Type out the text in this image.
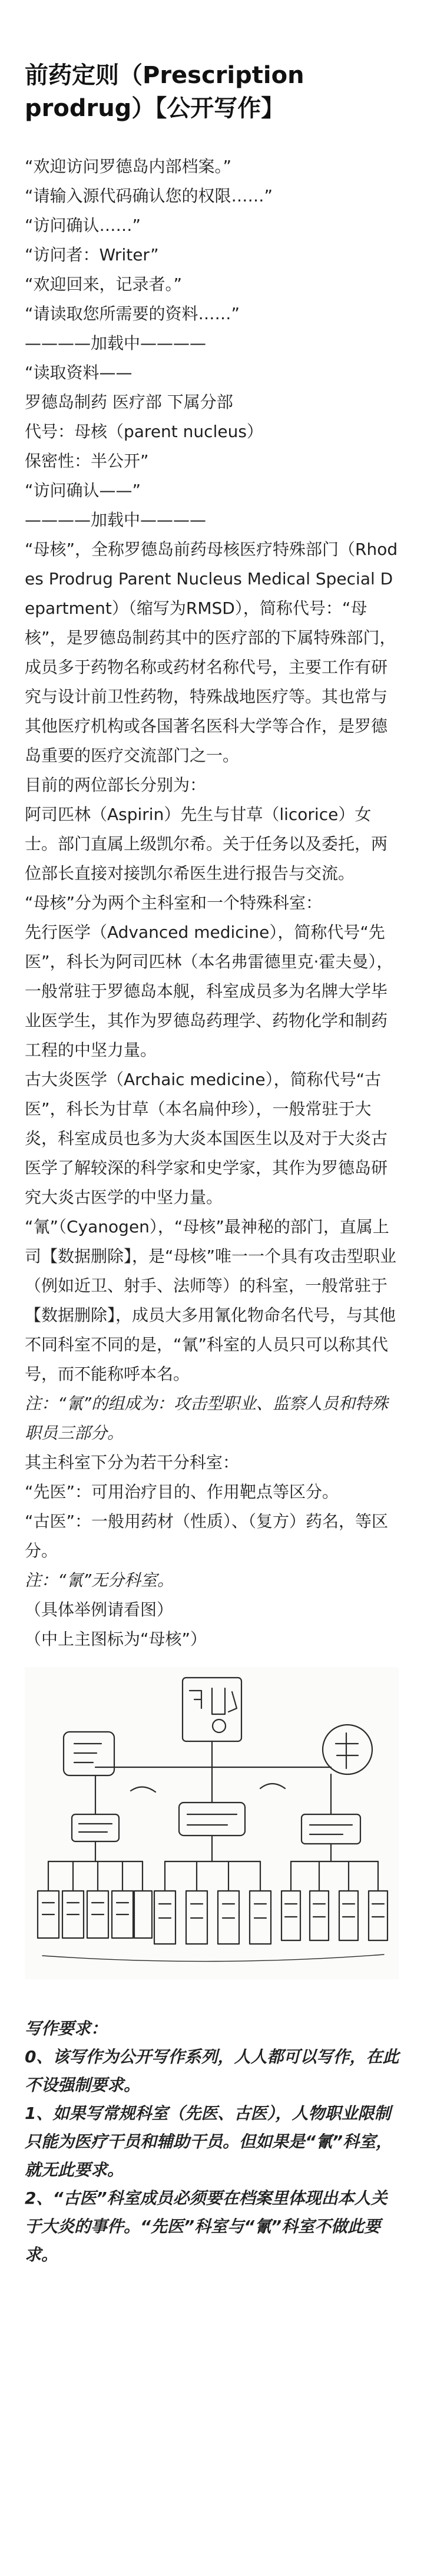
前药定则（Prescription prodrug）【公开写作】

“欢迎访问罗德岛内部档案。”

“请输入源代码确认您的权限……”

“访问确认……”

“访问者：Writer”

“欢迎回来，记录者。”

“请读取您所需要的资料……”

————加载中————

“读取资料——

罗德岛制药 医疗部 下属分部

代号：母核（parent nucleus）

保密性：半公开”

“访问确认——”

————加载中————

“母核”，全称罗德岛前药母核医疗特殊部门（Rhodes Prodrug Parent Nucleus Medical Special Department）（缩写为RMSD），简称代号：“母核”，是罗德岛制药其中的医疗部的下属特殊部门，成员多于药物名称或药材名称代号，主要工作有研究与设计前卫性药物，特殊战地医疗等。其也常与其他医疗机构或各国著名医科大学等合作，是罗德岛重要的医疗交流部门之一。

目前的两位部长分别为：

阿司匹林（Aspirin）先生与甘草（licorice）女士。部门直属上级凯尔希。关于任务以及委托，两位部长直接对接凯尔希医生进行报告与交流。

“母核”分为两个主科室和一个特殊科室：

先行医学（Advanced medicine），简称代号“先医”，科长为阿司匹林（本名弗雷德里克·霍夫曼），一般常驻于罗德岛本舰，科室成员多为名牌大学毕业医学生，其作为罗德岛药理学、药物化学和制药工程的中坚力量。

古大炎医学（Archaic medicine），简称代号“古医”，科长为甘草（本名扁仲珍），一般常驻于大炎，科室成员也多为大炎本国医生以及对于大炎古医学了解较深的科学家和史学家，其作为罗德岛研究大炎古医学的中坚力量。

“氰”（Cyanogen），“母核”最神秘的部门，直属上司【数据删除】，是“母核”唯一一个具有攻击型职业（例如近卫、射手、法师等）的科室，一般常驻于【数据删除】，成员大多用氰化物命名代号，与其他不同科室不同的是，“氰”科室的人员只可以称其代号，而不能称呼本名。

注：“氰”的组成为：攻击型职业、监察人员和特殊职员三部分。

其主科室下分为若干分科室：

“先医”：可用治疗目的、作用靶点等区分。

“古医”：一般用药材（性质）、（复方）药名，等区分。

注：“氰”无分科室。

（具体举例请看图）

（中上主图标为“母核”）

写作要求：

0、该写作为公开写作系列，人人都可以写作，在此不设强制要求。

1、如果写常规科室（先医、古医），人物职业限制只能为医疗干员和辅助干员。但如果是“氰”科室，就无此要求。

2、“古医”科室成员必须要在档案里体现出本人关于大炎的事件。“先医”科室与“氰”科室不做此要求。
